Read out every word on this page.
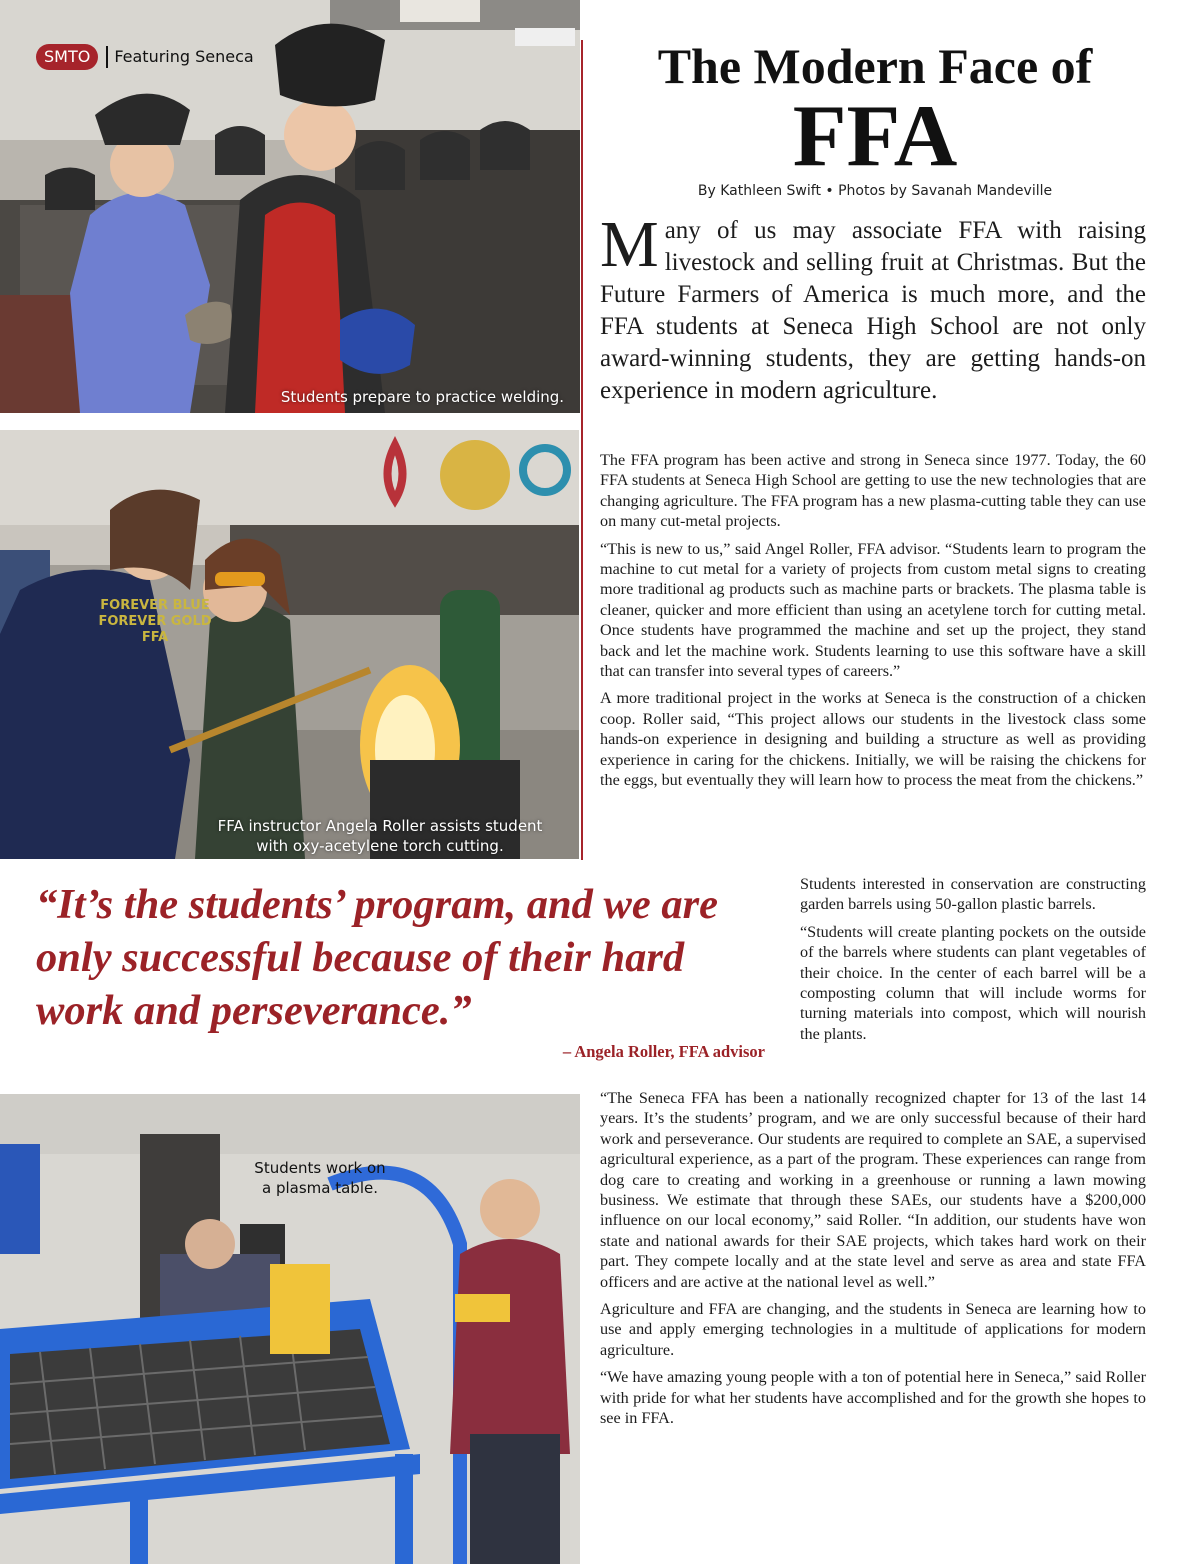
SMTO	Featuring Seneca
Students prepare to practice welding.
FOREVER BLUE
FOREVER GOLD
FFA
FFA instructor Angela Roller assists student
with oxy-acetylene torch cutting.
The Modern Face of
FFA
By Kathleen Swift • Photos by Savanah Mandeville
Many of us may associate FFA with raising livestock and selling fruit at Christmas. But the Future Farmers of America is much more, and the FFA students at Seneca High School are not only award-winning students, they are getting hands-on experience in modern agriculture.

The FFA program has been active and strong in Seneca since 1977. Today, the 60 FFA students at Seneca High School are getting to use the new technologies that are changing agriculture. The FFA program has a new plasma-cutting table they can use on many cut-metal projects.

“This is new to us,” said Angel Roller, FFA advisor. “Students learn to program the machine to cut metal for a variety of projects from custom metal signs to creating more traditional ag products such as machine parts or brackets. The plasma table is cleaner, quicker and more efficient than using an acetylene torch for cutting metal. Once students have programmed the machine and set up the project, they stand back and let the machine work. Students learning to use this software have a skill that can transfer into several types of careers.”

A more traditional project in the works at Seneca is the construction of a chicken coop. Roller said, “This project allows our students in the livestock class some hands-on experience in designing and building a structure as well as providing experience in caring for the chickens. Initially, we will be raising the chickens for the eggs, but eventually they will learn how to process the meat from the chickens.”

“It’s the students’ program, and we are only successful because of their hard work and perseverance.”
– Angela Roller, FFA advisor

Students interested in conservation are constructing garden barrels using 50-gallon plastic barrels.

“Students will create planting pockets on the outside of the barrels where students can plant vegetables of their choice. In the center of each barrel will be a composting column that will include worms for turning materials into compost, which will nourish the plants.

Students work on
a plasma table.

“The Seneca FFA has been a nationally recognized chapter for 13 of the last 14 years. It’s the students’ program, and we are only successful because of their hard work and perseverance. Our students are required to complete an SAE, a supervised agricultural experience, as a part of the program. These experiences can range from dog care to creating and working in a greenhouse or running a lawn mowing business. We estimate that through these SAEs, our students have a $200,000 influence on our local economy,” said Roller. “In addition, our students have won state and national awards for their SAE projects, which takes hard work on their part. They compete locally and at the state level and serve as area and state FFA officers and are active at the national level as well.”

Agriculture and FFA are changing, and the students in Seneca are learning how to use and apply emerging technologies in a multitude of applications for modern agriculture.

“We have amazing young people with a ton of potential here in Seneca,” said Roller with pride for what her students have accomplished and for the growth she hopes to see in FFA.
